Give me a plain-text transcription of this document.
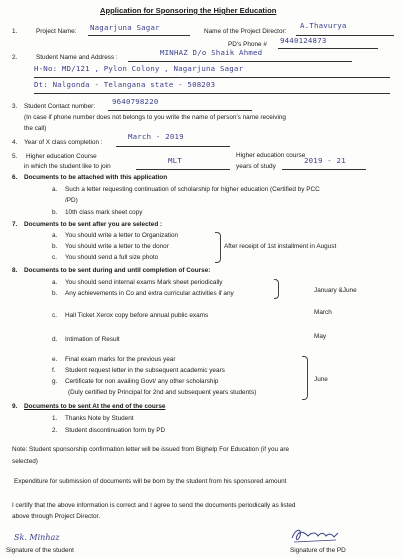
Application for Sponsoring the Higher Education
1.	Project Name: Nagarjuna Sagar	Name of the Project Director:
A.Thavurya
PD's Phone # 9440124873
2.	Student Name and Address :
MINHAZ D/o Shaik Ahmed
H-No: MD/121 , Pylon Colony , Nagarjuna Sagar
Dt: Nalgonda - Telangana state - 508203
3. Student Contact number:
9640798220
(In case if phone number does not belongs to you write the name of person's name receiving
the call)
4. Year of X class completion :
March - 2019
5. Higher education Course
in which the student like to join
MLT
Higher education course
years of study
2019 - 21
6. Documents to be attached with this application
a. Such a letter requesting continuation of scholarship for higher education (Certified by PCC
/PD)
b. 10th class mark sheet copy
7. Documents to be sent after you are selected :
a. You should write a letter to Organization
b. You should write a letter to the donor
c. You should send a full size photo
After receipt of 1st installment in August
8. Documents to be sent during and until completion of Course:
a. You should send internal exams Mark sheet periodically
b. Any achievements in Co and extra curricular activities if any	January &June
c. Hall Ticket Xerox copy before annual public exams	March
d. Intimation of Result	May
e. Final exam marks for the previous year
f. Student request letter in the subsequent academic years
g. Certificate for non availing Govt/ any other scholarship
(Duly certified by Principal for 2nd and subsequent years students)
June
9. Documents to be sent At the end of the course
1. Thanks Note by Student
2. Student discontinuation form by PD
Note: Student sponsorship confirmation letter will be issued from Bighelp For Education (if you are
selected)
Expenditure for submission of documents will be born by the student from his sponsored amount
I certify that the above information is correct and I agree to send the documents periodically as listed
above through Project Director.
Sk. Minhaz
Signature of the student	Signature of the PD
